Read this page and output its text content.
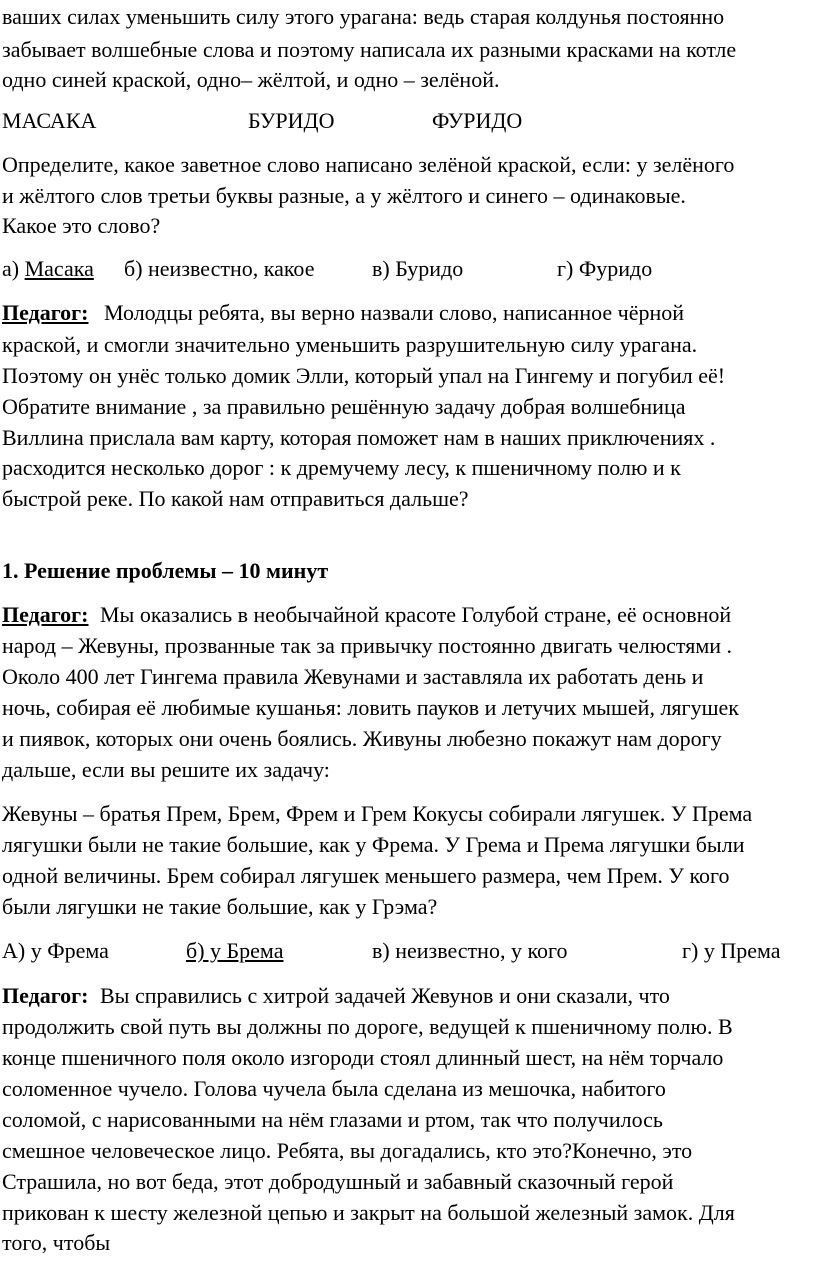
ваших силах уменьшить силу этого урагана: ведь старая колдунья постоянно
забывает волшебные слова и поэтому написала их разными красками на котле
одно синей краской, одно– жёлтой, и одно – зелёной.
МАСАКА	БУРИДО	ФУРИДО
Определите, какое заветное слово написано зелёной краской, если: у зелёного
и жёлтого слов третьи буквы разные, а у жёлтого и синего – одинаковые.
Какое это слово?
а) Масака б) неизвестно, какое	в) Буридо	г) Фуридо
Педагог: Молодцы ребята, вы верно назвали слово, написанное чёрной
краской, и смогли значительно уменьшить разрушительную силу урагана.
Поэтому он унёс только домик Элли, который упал на Гингему и погубил её!
Обратите внимание , за правильно решённую задачу добрая волшебница
Виллина прислала вам карту, которая поможет нам в наших приключениях .
расходится несколько дорог : к дремучему лесу, к пшеничному полю и к
быстрой реке. По какой нам отправиться дальше?
1. Решение проблемы – 10 минут
Педагог: Мы оказались в необычайной красоте Голубой стране, её основной
народ – Жевуны, прозванные так за привычку постоянно двигать челюстями .
Около 400 лет Гингема правила Жевунами и заставляла их работать день и
ночь, собирая её любимые кушанья: ловить пауков и летучих мышей, лягушек
и пиявок, которых они очень боялись. Живуны любезно покажут нам дорогу
дальше, если вы решите их задачу:
Жевуны – братья Прем, Брем, Фрем и Грем Кокусы собирали лягушек. У Према
лягушки были не такие большие, как у Фрема. У Грема и Према лягушки были
одной величины. Брем собирал лягушек меньшего размера, чем Прем. У кого
были лягушки не такие большие, как у Грэма?
А) у Фрема	б) у Брема	в) неизвестно, у кого	г) у Према
Педагог: Вы справились с хитрой задачей Жевунов и они сказали, что
продолжить свой путь вы должны по дороге, ведущей к пшеничному полю. В
конце пшеничного поля около изгороди стоял длинный шест, на нём торчало
соломенное чучело. Голова чучела была сделана из мешочка, набитого
соломой, с нарисованными на нём глазами и ртом, так что получилось
смешное человеческое лицо. Ребята, вы догадались, кто это?Конечно, это
Страшила, но вот беда, этот добродушный и забавный сказочный герой
прикован к шесту железной цепью и закрыт на большой железный замок. Для
того, чтобы
